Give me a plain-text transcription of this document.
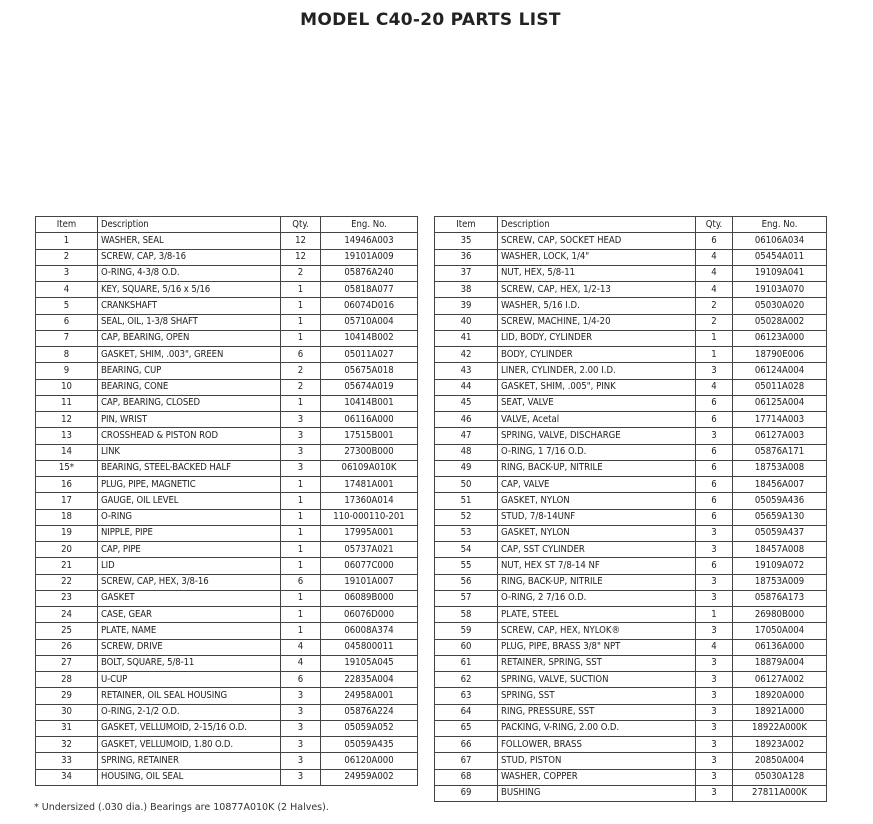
MODEL C40-20 PARTS LIST
Item	Description	Qty.	Eng. No.
1	WASHER, SEAL	12	14946A003
2	SCREW, CAP, 3/8-16	12	19101A009
3	O-RING, 4-3/8 O.D.	2	05876A240
4	KEY, SQUARE, 5/16 x 5/16	1	05818A077
5	CRANKSHAFT	1	06074D016
6	SEAL, OIL, 1-3/8 SHAFT	1	05710A004
7	CAP, BEARING, OPEN	1	10414B002
8	GASKET, SHIM, .003", GREEN	6	05011A027
9	BEARING, CUP	2	05675A018
10	BEARING, CONE	2	05674A019
11	CAP, BEARING, CLOSED	1	10414B001
12	PIN, WRIST	3	06116A000
13	CROSSHEAD & PISTON ROD	3	17515B001
14	LINK	3	27300B000
15*	BEARING, STEEL-BACKED HALF	3	06109A010K
16	PLUG, PIPE, MAGNETIC	1	17481A001
17	GAUGE, OIL LEVEL	1	17360A014
18	O-RING	1	110-000110-201
19	NIPPLE, PIPE	1	17995A001
20	CAP, PIPE	1	05737A021
21	LID	1	06077C000
22	SCREW, CAP, HEX, 3/8-16	6	19101A007
23	GASKET	1	06089B000
24	CASE, GEAR	1	06076D000
25	PLATE, NAME	1	06008A374
26	SCREW, DRIVE	4	045800011
27	BOLT, SQUARE, 5/8-11	4	19105A045
28	U-CUP	6	22835A004
29	RETAINER, OIL SEAL HOUSING	3	24958A001
30	O-RING, 2-1/2 O.D.	3	05876A224
31	GASKET, VELLUMOID, 2-15/16 O.D.	3	05059A052
32	GASKET, VELLUMOID, 1.80 O.D.	3	05059A435
33	SPRING, RETAINER	3	06120A000
34	HOUSING, OIL SEAL	3	24959A002
Item	Description	Qty.	Eng. No.
35	SCREW, CAP, SOCKET HEAD	6	06106A034
36	WASHER, LOCK, 1/4"	4	05454A011
37	NUT, HEX, 5/8-11	4	19109A041
38	SCREW, CAP, HEX, 1/2-13	4	19103A070
39	WASHER, 5/16 I.D.	2	05030A020
40	SCREW, MACHINE, 1/4-20	2	05028A002
41	LID, BODY, CYLINDER	1	06123A000
42	BODY, CYLINDER	1	18790E006
43	LINER, CYLINDER, 2.00 I.D.	3	06124A004
44	GASKET, SHIM, .005", PINK	4	05011A028
45	SEAT, VALVE	6	06125A004
46	VALVE, Acetal	6	17714A003
47	SPRING, VALVE, DISCHARGE	3	06127A003
48	O-RING, 1 7/16 O.D.	6	05876A171
49	RING, BACK-UP, NITRILE	6	18753A008
50	CAP, VALVE	6	18456A007
51	GASKET, NYLON	6	05059A436
52	STUD, 7/8-14UNF	6	05659A130
53	GASKET, NYLON	3	05059A437
54	CAP, SST CYLINDER	3	18457A008
55	NUT, HEX ST 7/8-14 NF	6	19109A072
56	RING, BACK-UP, NITRILE	3	18753A009
57	O-RING, 2 7/16 O.D.	3	05876A173
58	PLATE, STEEL	1	26980B000
59	SCREW, CAP, HEX, NYLOK®	3	17050A004
60	PLUG, PIPE, BRASS 3/8" NPT	4	06136A000
61	RETAINER, SPRING, SST	3	18879A004
62	SPRING, VALVE, SUCTION	3	06127A002
63	SPRING, SST	3	18920A000
64	RING, PRESSURE, SST	3	18921A000
65	PACKING, V-RING, 2.00 O.D.	3	18922A000K
66	FOLLOWER, BRASS	3	18923A002
67	STUD, PISTON	3	20850A004
68	WASHER, COPPER	3	05030A128
69	BUSHING	3	27811A000K
* Undersized (.030 dia.) Bearings are 10877A010K (2 Halves).
